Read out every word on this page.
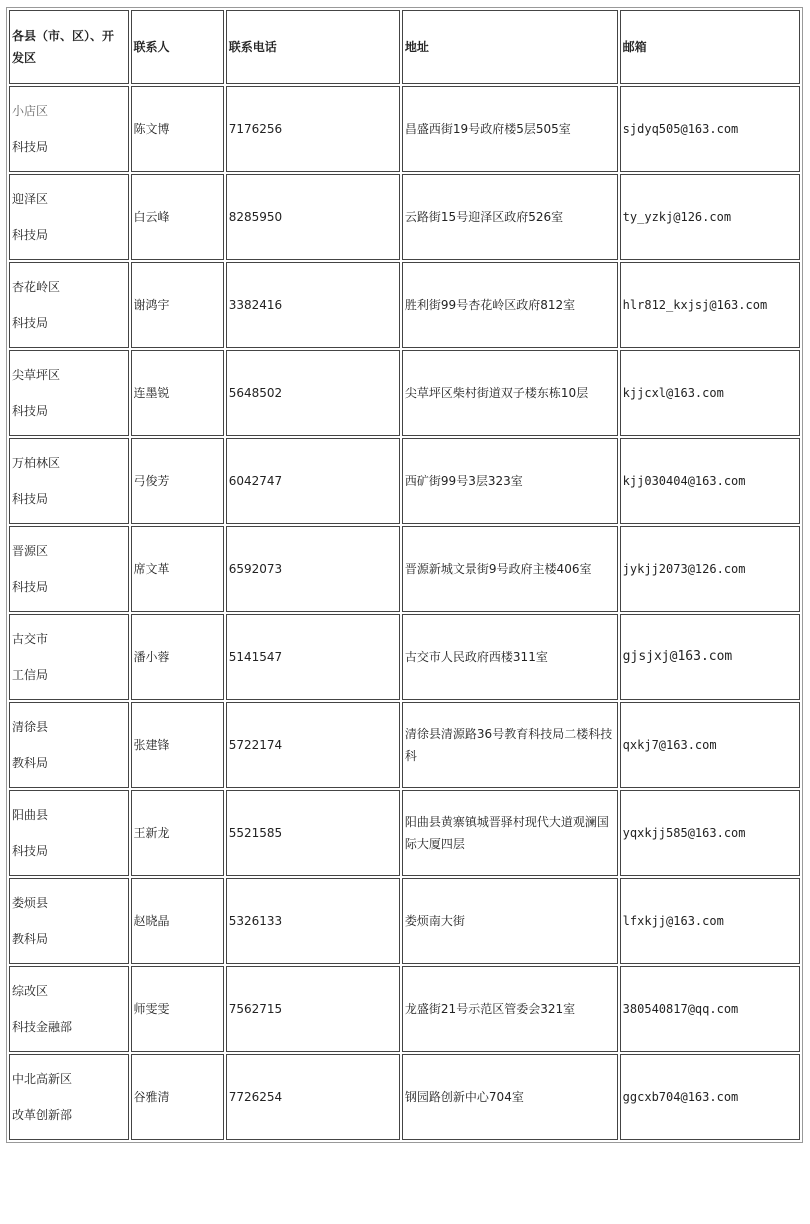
各县（市、区）、开发区	联系人	联系电话	地址	邮箱

小店区
科技局	陈文博	7176256	昌盛西街19号政府楼5层505室	sjdyq505@163.com

迎泽区
科技局	白云峰	8285950	云路街15号迎泽区政府526室	ty_yzkj@126.com

杏花岭区
科技局	谢鸿宇	3382416	胜利街99号杏花岭区政府812室	hlr812_kxjsj@163.com

尖草坪区
科技局	连墨锐	5648502	尖草坪区柴村街道双子楼东栋10层	kjjcxl@163.com

万柏林区
科技局	弓俊芳	6042747	西矿街99号3层323室	kjj030404@163.com

晋源区
科技局	席文革	6592073	晋源新城文景街9号政府主楼406室	jykjj2073@126.com

古交市
工信局	潘小蓉	5141547	古交市人民政府西楼311室	gjsjxj@163.com

清徐县
教科局	张建锋	5722174	清徐县清源路36号教育科技局二楼科技科	qxkj7@163.com

阳曲县
科技局	王新龙	5521585	阳曲县黄寨镇城晋驿村现代大道观澜国际大厦四层	yqxkjj585@163.com

娄烦县
教科局	赵晓晶	5326133	娄烦南大街	lfxkjj@163.com

综改区
科技金融部	师雯雯	7562715	龙盛街21号示范区管委会321室	380540817@qq.com

中北高新区
改革创新部	谷雅清	7726254	钢园路创新中心704室	ggcxb704@163.com
